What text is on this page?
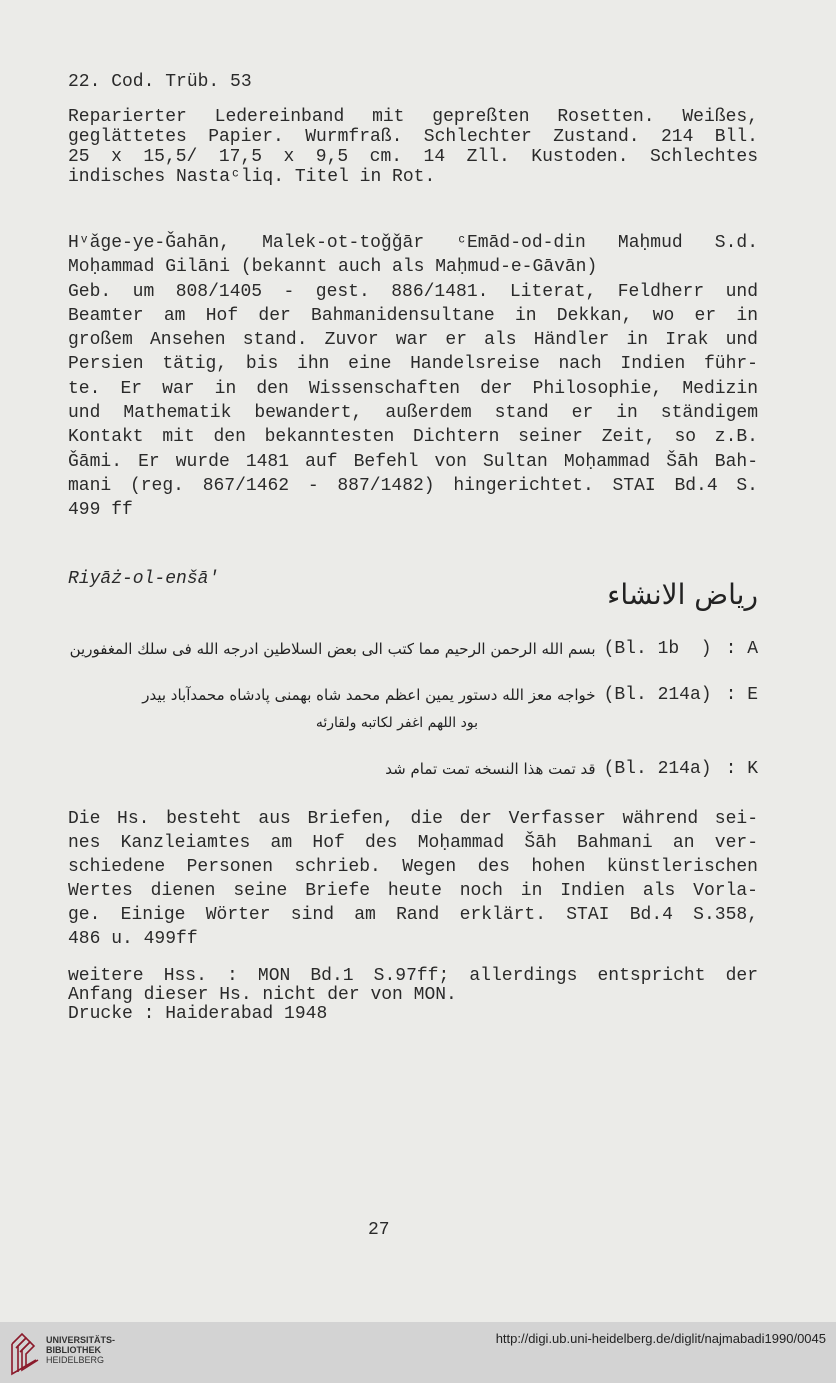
22. Cod. Trüb. 53
Reparierter Ledereinband mit gepreßten Rosetten. Weißes,
geglättetes Papier. Wurmfraß. Schlechter Zustand. 214 Bll.
25 x 15,5/ 17,5 x 9,5 cm. 14 Zll. Kustoden. Schlechtes
indisches Nastaᶜliq. Titel in Rot.
Hᵛǎge-ye-Ǧahān, Malek-ot-toǧǧār ᶜEmād-od-din Maḥmud S.d.
Moḥammad Gilāni (bekannt auch als Maḥmud-e-Gāvān)
Geb. um 808/1405 - gest. 886/1481. Literat, Feldherr und
Beamter am Hof der Bahmanidensultane in Dekkan, wo er in
großem Ansehen stand. Zuvor war er als Händler in Irak und
Persien tätig, bis ihn eine Handelsreise nach Indien führ-
te. Er war in den Wissenschaften der Philosophie, Medizin
und Mathematik bewandert, außerdem stand er in ständigem
Kontakt mit den bekanntesten Dichtern seiner Zeit, so z.B.
Ǧāmi. Er wurde 1481 auf Befehl von Sultan Moḥammad Šāh Bah-
mani (reg. 867/1462 - 887/1482) hingerichtet. STAI Bd.4 S.
499 ff
Riyāż-ol-enšā'	ریاض الانشاء
بسم الله الرحمن الرحیم مما کتب الی بعض السلاطین ادرجه الله فی سلك المغفورین (Bl. 1b  ) : A
خواجه معز الله دستور یمین اعظم محمد شاه بهمنی پادشاه محمدآباد بیدر (Bl. 214a) : E
بود اللهم اغفر لکاتبه ولقارئه
قد تمت هذا النسخه تمت تمام شد (Bl. 214a) : K
Die Hs. besteht aus Briefen, die der Verfasser während sei-
nes Kanzleiamtes am Hof des Moḥammad Šāh Bahmani an ver-
schiedene Personen schrieb. Wegen des hohen künstlerischen
Wertes dienen seine Briefe heute noch in Indien als Vorla-
ge. Einige Wörter sind am Rand erklärt. STAI Bd.4 S.358,
486 u. 499ff
weitere Hss. : MON Bd.1 S.97ff; allerdings entspricht der
Anfang dieser Hs. nicht der von MON.
Drucke : Haiderabad 1948
27
UNIVERSITÄTS-
BIBLIOTHEK
HEIDELBERG
http://digi.ub.uni-heidelberg.de/diglit/najmabadi1990/0045
